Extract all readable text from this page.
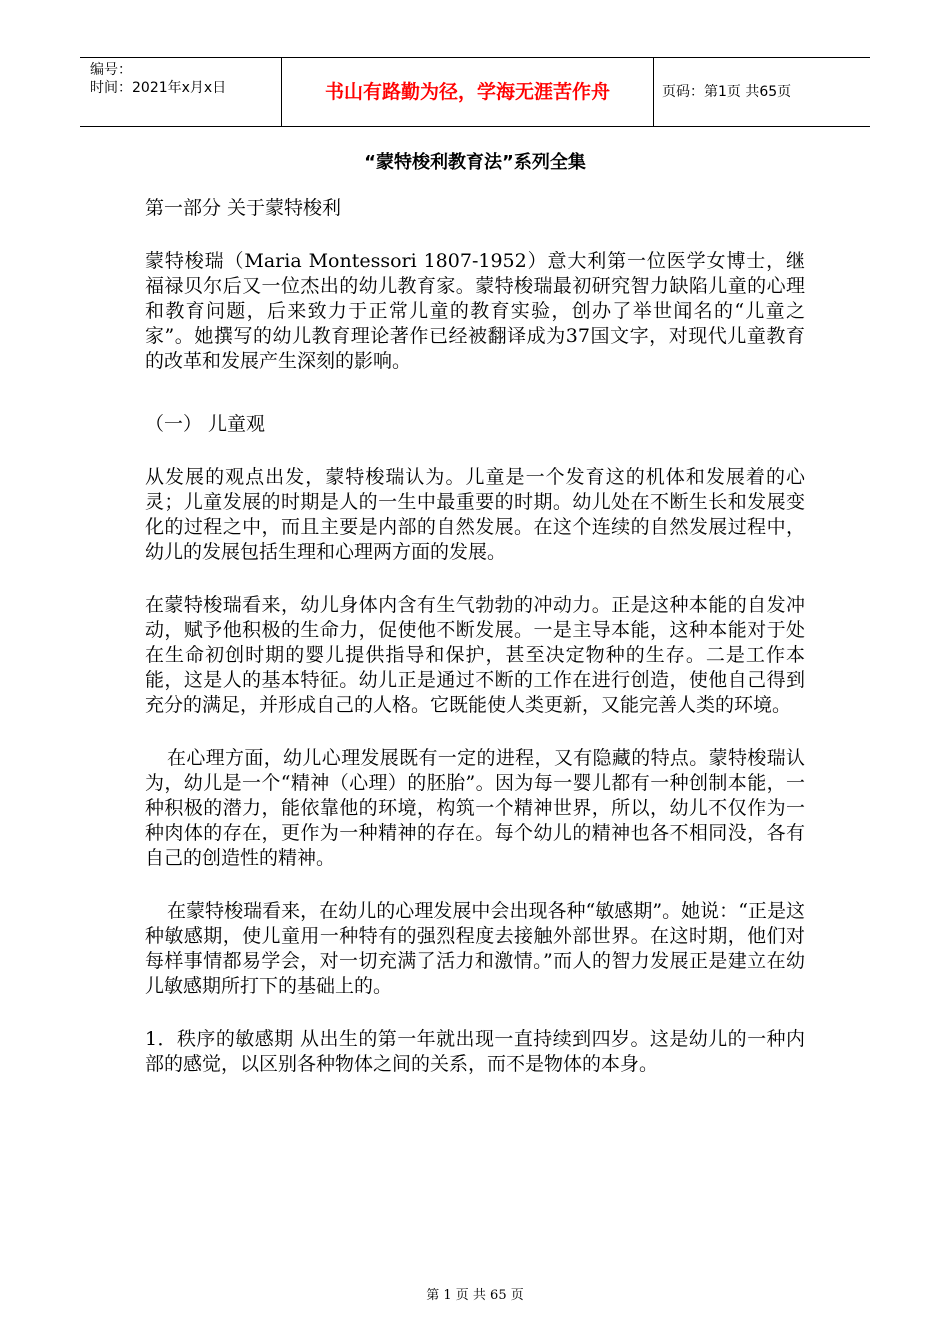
编号：
时间：2021年x月x日	书山有路勤为径，学海无涯苦作舟	页码：第1页 共65页
“蒙特梭利教育法”系列全集

第一部分 关于蒙特梭利

蒙特梭瑞（Maria Montessori 1807-1952）意大利第一位医学女博士，继福禄贝尔后又一位杰出的幼儿教育家。蒙特梭瑞最初研究智力缺陷儿童的心理和教育问题，后来致力于正常儿童的教育实验，创办了举世闻名的“儿童之家”。她撰写的幼儿教育理论著作已经被翻译成为37国文字，对现代儿童教育的改革和发展产生深刻的影响。

（一） 儿童观

从发展的观点出发，蒙特梭瑞认为。儿童是一个发育这的机体和发展着的心灵；儿童发展的时期是人的一生中最重要的时期。幼儿处在不断生长和发展变化的过程之中，而且主要是内部的自然发展。在这个连续的自然发展过程中，幼儿的发展包括生理和心理两方面的发展。

在蒙特梭瑞看来，幼儿身体内含有生气勃勃的冲动力。正是这种本能的自发冲动，赋予他积极的生命力，促使他不断发展。一是主导本能，这种本能对于处在生命初创时期的婴儿提供指导和保护，甚至决定物种的生存。二是工作本能，这是人的基本特征。幼儿正是通过不断的工作在进行创造，使他自己得到充分的满足，并形成自己的人格。它既能使人类更新，又能完善人类的环境。

在心理方面，幼儿心理发展既有一定的进程，又有隐藏的特点。蒙特梭瑞认为，幼儿是一个“精神（心理）的胚胎”。因为每一婴儿都有一种创制本能，一种积极的潜力，能依靠他的环境，构筑一个精神世界，所以，幼儿不仅作为一种肉体的存在，更作为一种精神的存在。每个幼儿的精神也各不相同没，各有自己的创造性的精神。

在蒙特梭瑞看来，在幼儿的心理发展中会出现各种“敏感期”。她说：“正是这种敏感期，使儿童用一种特有的强烈程度去接触外部世界。在这时期，他们对每样事情都易学会，对一切充满了活力和激情。”而人的智力发展正是建立在幼儿敏感期所打下的基础上的。

1．秩序的敏感期 从出生的第一年就出现一直持续到四岁。这是幼儿的一种内部的感觉，以区别各种物体之间的关系，而不是物体的本身。

第 1 页 共 65 页
